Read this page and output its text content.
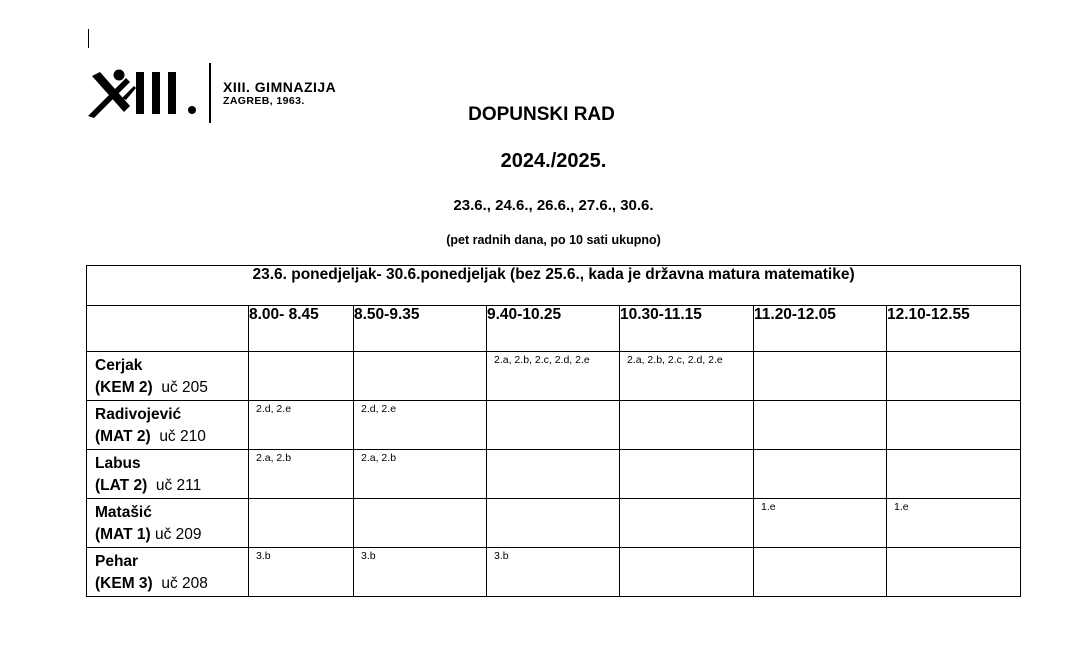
XIII. GIMNAZIJA
ZAGREB, 1963.
DOPUNSKI RAD
2024./2025.
23.6., 24.6., 26.6., 27.6., 30.6.
(pet radnih dana, po 10 sati ukupno)
23.6. ponedjeljak- 30.6.ponedjeljak (bez 25.6., kada je državna matura matematike)						
	8.00- 8.45	8.50-9.35	9.40-10.25	10.30-11.15	11.20-12.05	12.10-12.55

Cerjak
(KEM 2) uč 205			2.a, 2.b, 2.c, 2.d, 2.e	2.a, 2.b, 2.c, 2.d, 2.e		

Radivojević
(MAT 2) uč 210	2.d, 2.e	2.d, 2.e				

Labus
(LAT 2) uč 211	2.a, 2.b	2.a, 2.b				

Matašić
(MAT 1) uč 209					1.e	1.e

Pehar
(KEM 3) uč 208	3.b	3.b	3.b			
